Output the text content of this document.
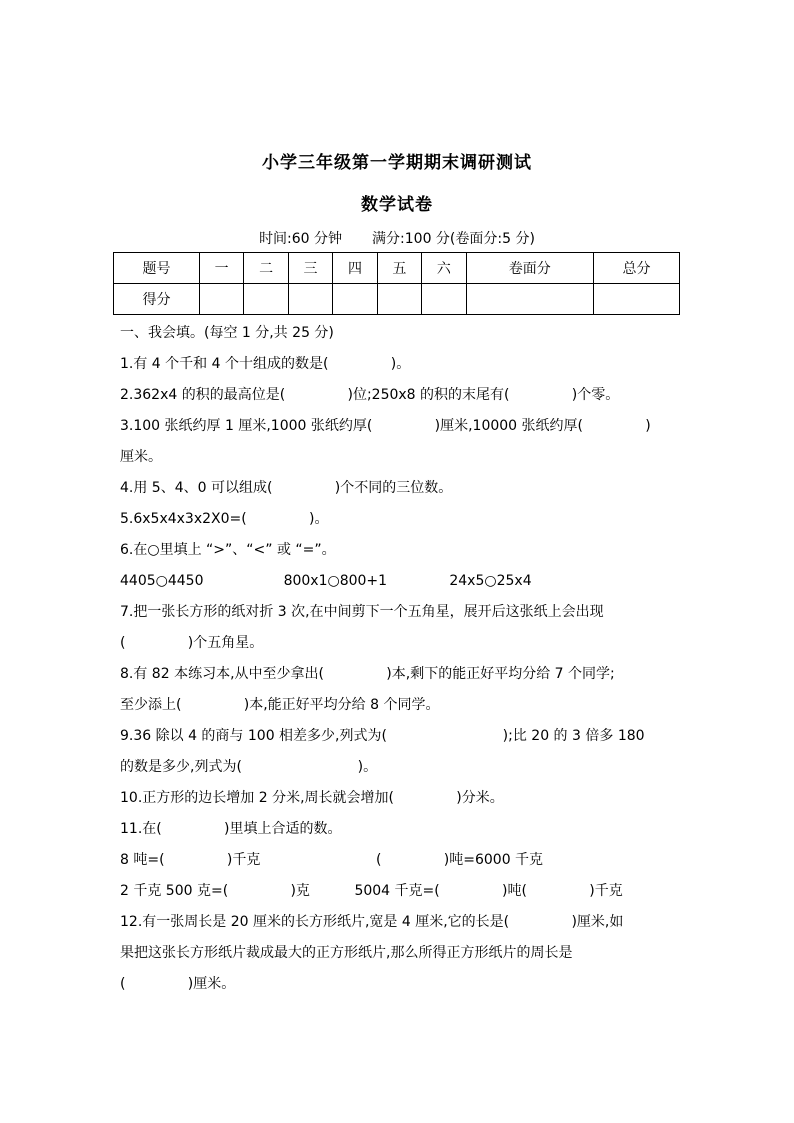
小学三年级第一学期期末调研测试
数学试卷
时间:60 分钟 满分:100 分(卷面分:5 分)
题号	一	二	三	四	五	六	卷面分	总分
得分								
一、我会填。(每空 1 分,共 25 分)
1.有 4 个千和 4 个十组成的数是(              )。
2.362x4 的积的最高位是(              )位;250x8 的积的末尾有(              )个零。
3.100 张纸约厚 1 厘米,1000 张纸约厚(              )厘米,10000 张纸约厚(              )
厘米。
4.用 5、4、0 可以组成(              )个不同的三位数。
5.6x5x4x3x2X0=(              )。
6.在○里填上 “>”、“<” 或 “=”。
4405○4450                  800x1○800+1              24x5○25x4
7.把一张长方形的纸对折 3 次,在中间剪下一个五角星，展开后这张纸上会出现
(              )个五角星。
8.有 82 本练习本,从中至少拿出(              )本,剩下的能正好平均分给 7 个同学;
至少添上(              )本,能正好平均分给 8 个同学。
9.36 除以 4 的商与 100 相差多少,列式为(                          );比 20 的 3 倍多 180
的数是多少,列式为(                          )。
10.正方形的边长增加 2 分米,周长就会增加(              )分米。
11.在(              )里填上合适的数。
8 吨=(              )千克                          (              )吨=6000 千克
2 千克 500 克=(              )克          5004 千克=(              )吨(              )千克
12.有一张周长是 20 厘米的长方形纸片,宽是 4 厘米,它的长是(              )厘米,如
果把这张长方形纸片裁成最大的正方形纸片,那么所得正方形纸片的周长是
(              )厘米。
